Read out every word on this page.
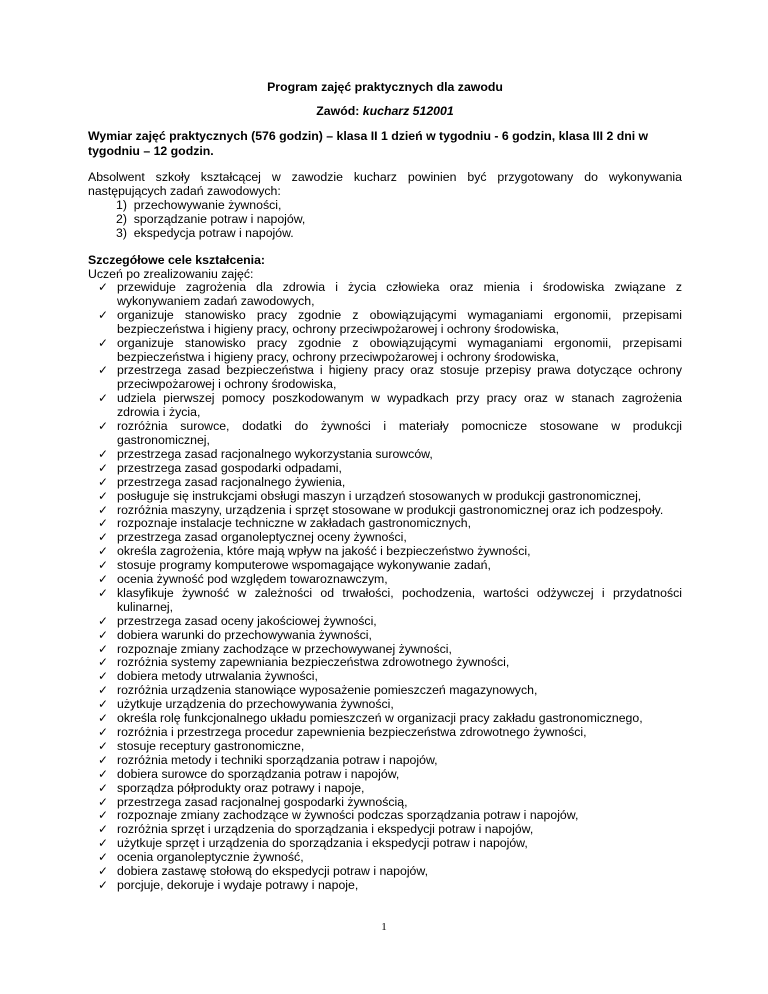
Program zajęć praktycznych dla zawodu

Zawód: kucharz 512001

Wymiar zajęć praktycznych (576 godzin) – klasa II 1 dzień w tygodniu - 6 godzin, klasa III 2 dni w tygodniu – 12 godzin.
Absolwent szkoły kształcącej w zawodzie kucharz powinien być przygotowany do wykonywania następujących zadań zawodowych:
1)  przechowywanie żywności,
2)  sporządzanie potraw i napojów,
3)  ekspedycja potraw i napojów.
Szczegółowe cele kształcenia:
Uczeń po zrealizowaniu zajęć:
✓ przewiduje zagrożenia dla zdrowia i życia człowieka oraz mienia i środowiska związane z wykonywaniem zadań zawodowych,
✓ organizuje stanowisko pracy zgodnie z obowiązującymi wymaganiami ergonomii, przepisami bezpieczeństwa i higieny pracy, ochrony przeciwpożarowej i ochrony środowiska,
✓ organizuje stanowisko pracy zgodnie z obowiązującymi wymaganiami ergonomii, przepisami bezpieczeństwa i higieny pracy, ochrony przeciwpożarowej i ochrony środowiska,
✓ przestrzega zasad bezpieczeństwa i higieny pracy oraz stosuje przepisy prawa dotyczące ochrony przeciwpożarowej i ochrony środowiska,
✓ udziela pierwszej pomocy poszkodowanym w wypadkach przy pracy oraz w stanach zagrożenia zdrowia i życia,
✓ rozróżnia surowce, dodatki do żywności i materiały pomocnicze stosowane w produkcji gastronomicznej,
✓ przestrzega zasad racjonalnego wykorzystania surowców,
✓ przestrzega zasad gospodarki odpadami,
✓ przestrzega zasad racjonalnego żywienia,
✓ posługuje się instrukcjami obsługi maszyn i urządzeń stosowanych w produkcji gastronomicznej,
✓ rozróżnia maszyny, urządzenia i sprzęt stosowane w produkcji gastronomicznej oraz ich podzespoły.
✓ rozpoznaje instalacje techniczne w zakładach gastronomicznych,
✓ przestrzega zasad organoleptycznej oceny żywności,
✓ określa zagrożenia, które mają wpływ na jakość i bezpieczeństwo żywności,
✓ stosuje programy komputerowe wspomagające wykonywanie zadań,
✓ ocenia żywność pod względem towaroznawczym,
✓ klasyfikuje żywność w zależności od trwałości, pochodzenia, wartości odżywczej i przydatności kulinarnej,
✓ przestrzega zasad oceny jakościowej żywności,
✓ dobiera warunki do przechowywania żywności,
✓ rozpoznaje zmiany zachodzące w przechowywanej żywności,
✓ rozróżnia systemy zapewniania bezpieczeństwa zdrowotnego żywności,
✓ dobiera metody utrwalania żywności,
✓ rozróżnia urządzenia stanowiące wyposażenie pomieszczeń magazynowych,
✓ użytkuje urządzenia do przechowywania żywności,
✓ określa rolę funkcjonalnego układu pomieszczeń w organizacji pracy zakładu gastronomicznego,
✓ rozróżnia i przestrzega procedur zapewnienia bezpieczeństwa zdrowotnego żywności,
✓ stosuje receptury gastronomiczne,
✓ rozróżnia metody i techniki sporządzania potraw i napojów,
✓ dobiera surowce do sporządzania potraw i napojów,
✓ sporządza półprodukty oraz potrawy i napoje,
✓ przestrzega zasad racjonalnej gospodarki żywnością,
✓ rozpoznaje zmiany zachodzące w żywności podczas sporządzania potraw i napojów,
✓ rozróżnia sprzęt i urządzenia do sporządzania i ekspedycji potraw i napojów,
✓ użytkuje sprzęt i urządzenia do sporządzania i ekspedycji potraw i napojów,
✓ ocenia organoleptycznie żywność,
✓ dobiera zastawę stołową do ekspedycji potraw i napojów,
✓ porcjuje, dekoruje i wydaje potrawy i napoje,
1
